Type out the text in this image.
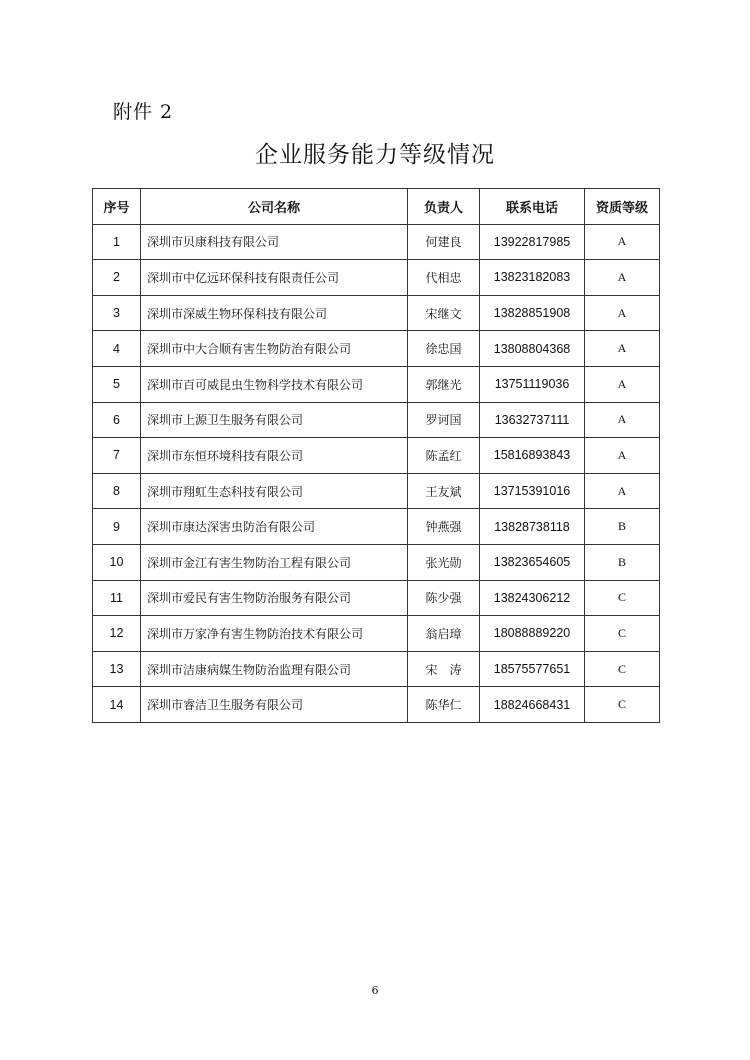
附件 2
企业服务能力等级情况
序号	公司名称	负责人	联系电话	资质等级
1	深圳市贝康科技有限公司	何建良	13922817985	A
2	深圳市中亿远环保科技有限责任公司	代相忠	13823182083	A
3	深圳市深威生物环保科技有限公司	宋继文	13828851908	A
4	深圳市中大合顺有害生物防治有限公司	徐忠国	13808804368	A
5	深圳市百可威昆虫生物科学技术有限公司	郭继光	13751119036	A
6	深圳市上源卫生服务有限公司	罗诃国	13632737111	A
7	深圳市东恒环境科技有限公司	陈孟红	15816893843	A
8	深圳市翔虹生态科技有限公司	王友斌	13715391016	A
9	深圳市康达深害虫防治有限公司	钟燕强	13828738118	B
10	深圳市金江有害生物防治工程有限公司	张光勋	13823654605	B
11	深圳市爱民有害生物防治服务有限公司	陈少强	13824306212	C
12	深圳市万家净有害生物防治技术有限公司	翁启璋	18088889220	C
13	深圳市洁康病媒生物防治监理有限公司	宋　涛	18575577651	C
14	深圳市睿洁卫生服务有限公司	陈华仁	18824668431	C
6
